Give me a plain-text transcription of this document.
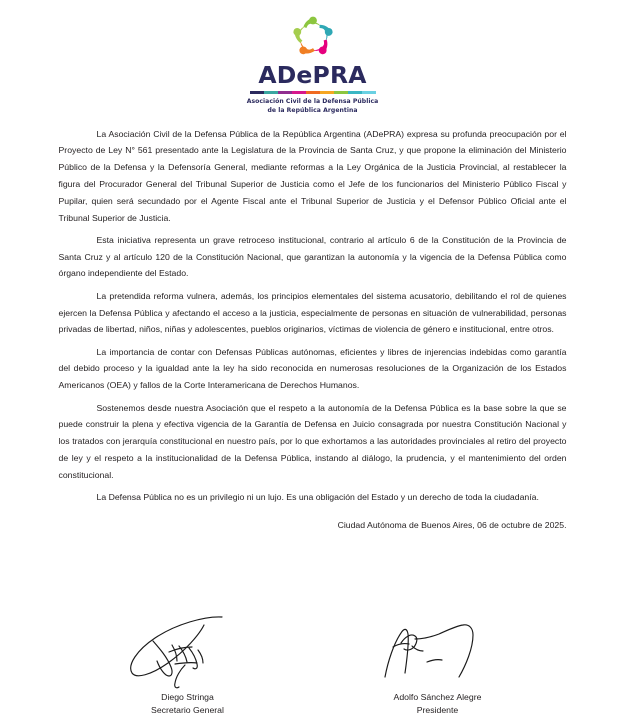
ADePRA
Asociación Civil de la Defensa Pública
de la República Argentina

La Asociación Civil de la Defensa Pública de la República Argentina (ADePRA) expresa su profunda preocupación por el Proyecto de Ley N° 561 presentado ante la Legislatura de la Provincia de Santa Cruz, y que propone la eliminación del Ministerio Público de la Defensa y la Defensoría General, mediante reformas a la Ley Orgánica de la Justicia Provincial, al restablecer la figura del Procurador General del Tribunal Superior de Justicia como el Jefe de los funcionarios del Ministerio Público Fiscal y Pupilar, quien será secundado por el Agente Fiscal ante el Tribunal Superior de Justicia y el Defensor Público Oficial ante el Tribunal Superior de Justicia.

Esta iniciativa representa un grave retroceso institucional, contrario al artículo 6 de la Constitución de la Provincia de Santa Cruz y al artículo 120 de la Constitución Nacional, que garantizan la autonomía y la vigencia de la Defensa Pública como órgano independiente del Estado.

La pretendida reforma vulnera, además, los principios elementales del sistema acusatorio, debilitando el rol de quienes ejercen la Defensa Pública y afectando el acceso a la justicia, especialmente de personas en situación de vulnerabilidad, personas privadas de libertad, niños, niñas y adolescentes, pueblos originarios, víctimas de violencia de género e institucional, entre otros.

La importancia de contar con Defensas Públicas autónomas, eficientes y libres de injerencias indebidas como garantía del debido proceso y la igualdad ante la ley ha sido reconocida en numerosas resoluciones de la Organización de los Estados Americanos (OEA) y fallos de la Corte Interamericana de Derechos Humanos.

Sostenemos desde nuestra Asociación que el respeto a la autonomía de la Defensa Pública es la base sobre la que se puede construir la plena y efectiva vigencia de la Garantía de Defensa en Juicio consagrada por nuestra Constitución Nacional y los tratados con jerarquía constitucional en nuestro país, por lo que exhortamos a las autoridades provinciales al retiro del proyecto de ley y el respeto a la institucionalidad de la Defensa Pública, instando al diálogo, la prudencia, y el mantenimiento del orden constitucional.

La Defensa Pública no es un privilegio ni un lujo. Es una obligación del Estado y un derecho de toda la ciudadanía.

Ciudad Autónoma de Buenos Aires, 06 de octubre de 2025.
Diego Stringa
Secretario General
Adolfo Sánchez Alegre
Presidente
